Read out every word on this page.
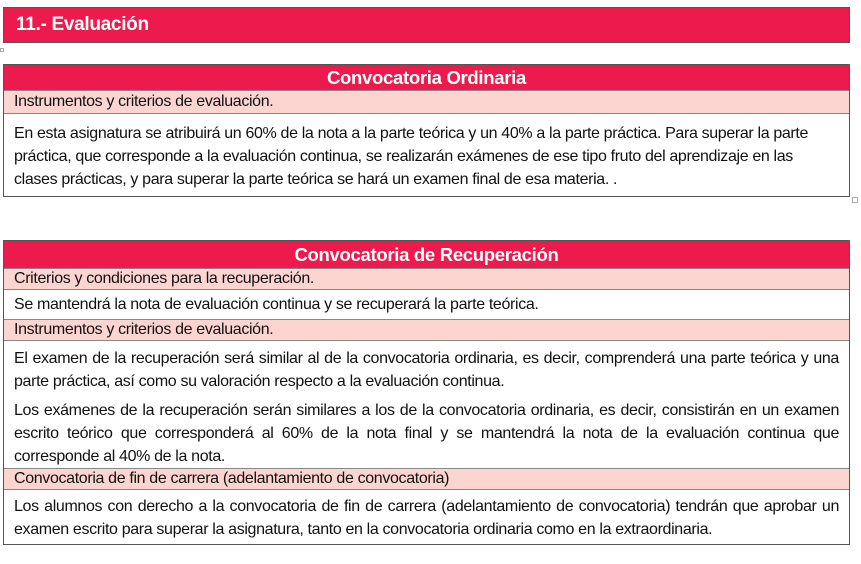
11.- Evaluación
Convocatoria Ordinaria
Instrumentos y criterios de evaluación.

En esta asignatura se atribuirá un 60% de la nota a la parte teórica y un 40% a la parte práctica. Para superar la parte práctica, que corresponde a la evaluación continua, se realizarán exámenes de ese tipo fruto del aprendizaje en las clases prácticas, y para superar la parte teórica se hará un examen final de esa materia. .

Convocatoria de Recuperación
Criterios y condiciones para la recuperación.

Se mantendrá la nota de evaluación continua y se recuperará la parte teórica.

Instrumentos y criterios de evaluación.

El examen de la recuperación será similar al de la convocatoria ordinaria, es decir, comprenderá una parte teórica y una parte práctica, así como su valoración respecto a la evaluación continua.

Los exámenes de la recuperación serán similares a los de la convocatoria ordinaria, es decir, consistirán en un examen escrito teórico que corresponderá al 60% de la nota final y se mantendrá la nota de la evaluación continua que corresponde al 40% de la nota.

Convocatoria de fin de carrera (adelantamiento de convocatoria)

Los alumnos con derecho a la convocatoria de fin de carrera (adelantamiento de convocatoria) tendrán que aprobar un examen escrito para superar la asignatura, tanto en la convocatoria ordinaria como en la extraordinaria.
